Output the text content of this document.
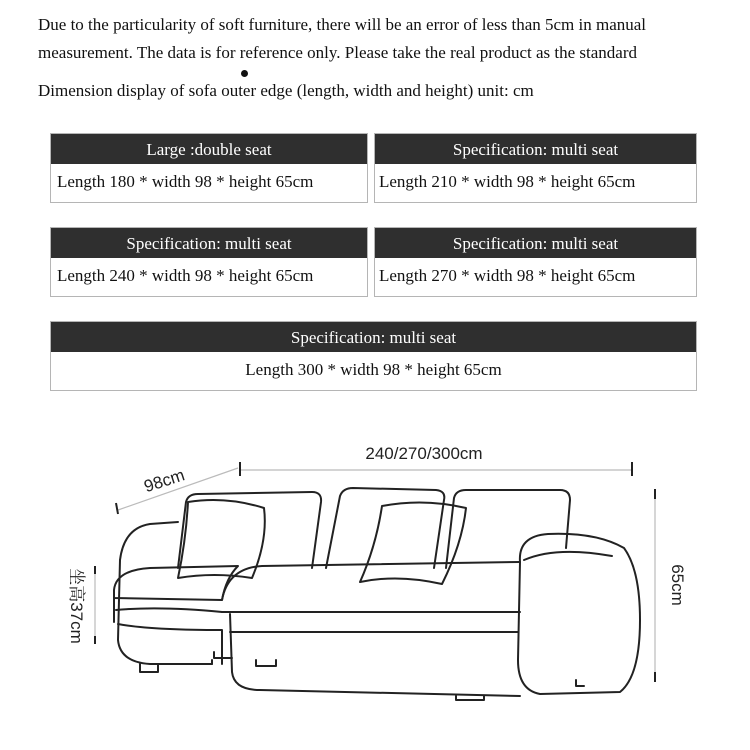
Due to the particularity of soft furniture, there will be an error of less than 5cm in manual
measurement. The data is for reference only. Please take the real product as the standard
Dimension display of sofa outer edge (length, width and height) unit: cm
Large :double seat
Length 180 * width 98 * height 65cm
Specification: multi seat
Length 210 * width 98 * height 65cm
Specification: multi seat
Length 240 * width 98 * height 65cm
Specification: multi seat
Length 270 * width 98 * height 65cm
Specification: multi seat
Length 300 * width 98 * height 65cm
240/270/300cm
98cm
65cm
坐高37cm
